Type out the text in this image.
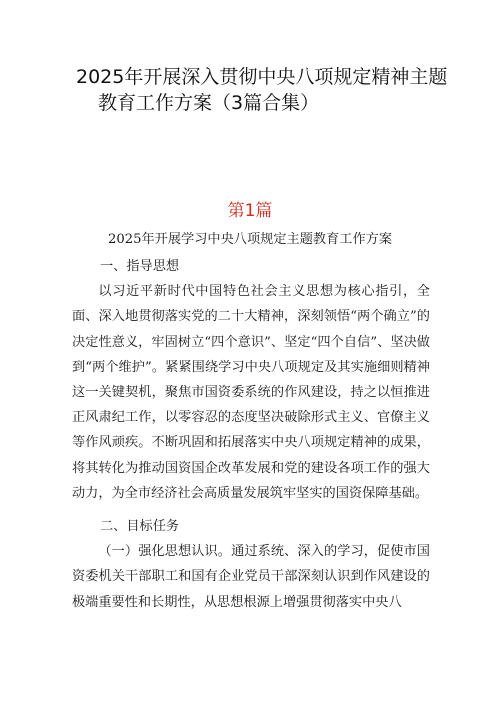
2025年开展深入贯彻中央八项规定精神主题
教育工作方案（3篇合集）
第1篇
2025年开展学习中央八项规定主题教育工作方案
一、指导思想

以习近平新时代中国特色社会主义思想为核心指引，全面、深入地贯彻落实党的二十大精神，深刻领悟“两个确立”的决定性意义，牢固树立“四个意识”、坚定“四个自信”、坚决做到“两个维护”。紧紧围绕学习中央八项规定及其实施细则精神这一关键契机，聚焦市国资委系统的作风建设，持之以恒推进正风肃纪工作，以零容忍的态度坚决破除形式主义、官僚主义等作风顽疾。不断巩固和拓展落实中央八项规定精神的成果，将其转化为推动国资国企改革发展和党的建设各项工作的强大动力，为全市经济社会高质量发展筑牢坚实的国资保障基础。

二、目标任务

（一）强化思想认识。通过系统、深入的学习，促使市国资委机关干部职工和国有企业党员干部深刻认识到作风建设的极端重要性和长期性，从思想根源上增强贯彻落实中央八
